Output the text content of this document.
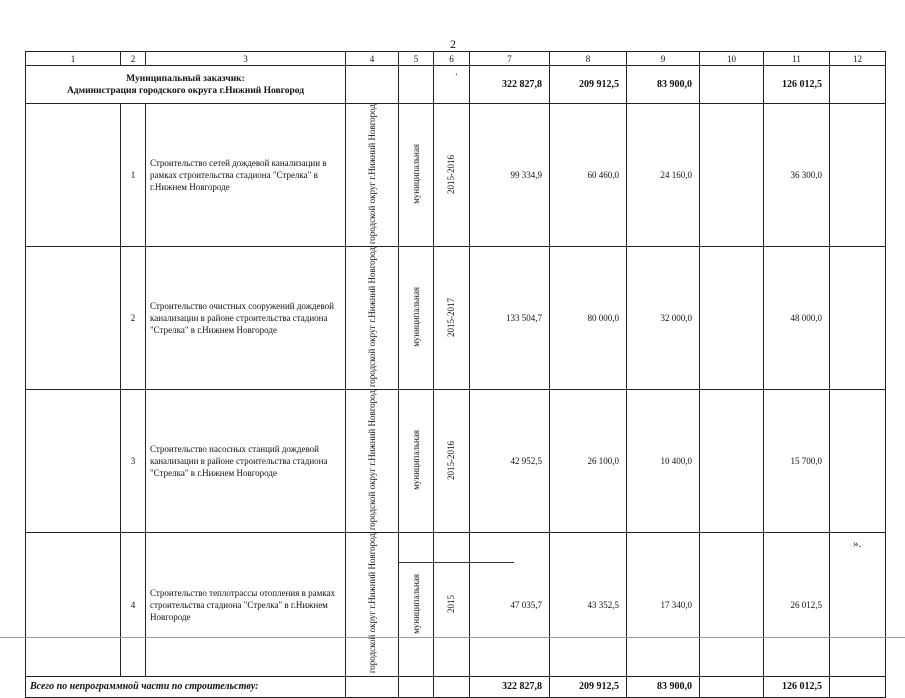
2
1	2	3	4	5	6	7	8	9	10	11	12

Муниципальный заказчик:
Администрация городского округа г.Нижний Новгород						322 827,8	209 912,5	83 900,0		126 012,5	
	1	Строительство сетей дождевой канализации в рамках строительства стадиона "Стрелка" в г.Нижнем Новгороде	городской округ г.Нижний Новгород	муниципальная	2015-2016	99 334,9	60 460,0	24 160,0		36 300,0	
	2	Строительство очистных сооружений дождевой канализации в районе строительства стадиона "Стрелка" в г.Нижнем Новгороде	городской округ г.Нижний Новгород	муниципальная	2015-2017	133 504,7	80 000,0	32 000,0		48 000,0	
	3	Строительство насосных станций дождевой канализации в районе строительства стадиона "Стрелка" в г.Нижнем Новгороде	городской округ г.Нижний Новгород	муниципальная	2015-2016	42 952,5	26 100,0	10 400,0		15 700,0	
	4	Строительство теплотрассы отопления в рамках строительства стадиона "Стрелка" в г.Нижнем Новгороде	городской округ г.Нижний Новгород	муниципальная	2015	47 035,7	43 352,5	17 340,0		26 012,5	
Всего по непрограммной части по строительству:						322 827,8	209 912,5	83 900,0		126 012,5	
’
».
